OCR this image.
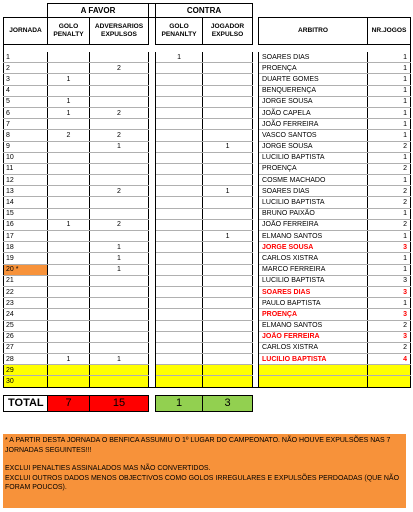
	A FAVOR			CONTRA				
JORNADA	GOLO PENALTY	ADVERSARIOS EXPULSOS		GOLO PENANLTY	JOGADOR EXPULSO		ARBITRO	NR.JOGOS

1				1			SOARES DIAS	1
2		2					PROENÇA	1
3	1						DUARTE GOMES	1
4							BENQUERENÇA	1
5	1						JORGE SOUSA	1
6	1	2					JOÃO CAPELA	1
7							JOÃO FERREIRA	1
8	2	2					VASCO SANTOS	1
9		1			1		JORGE SOUSA	2
10							LUCILIO BAPTISTA	1
11							PROENÇA	2
12							COSME MACHADO	1
13		2			1		SOARES DIAS	2
14							LUCILIO BAPTISTA	2
15							BRUNO PAIXÃO	1
16	1	2					JOÃO FERREIRA	2
17					1		ELMANO SANTOS	1
18		1					JORGE SOUSA	3
19		1					CARLOS XISTRA	1
20 *		1					MARCO FERREIRA	1
21							LUCILIO BAPTISTA	3
22							SOARES DIAS	3
23							PAULO BAPTISTA	1
24							PROENÇA	3
25							ELMANO SANTOS	2
26							JOÃO FERREIRA	3
27							CARLOS XISTRA	2
28	1	1					LUCILIO BAPTISTA	4
29								
30								

TOTAL	7	15		1	3			

* A PARTIR DESTA JORNADA O BENFICA ASSUMIU O 1º LUGAR DO CAMPEONATO. NÃO HOUVE EXPULSÕES NAS 7 JORNADAS SEGUINTES!!!

EXCLUI PENALTIES ASSINALADOS MAS NÃO CONVERTIDOS.

EXCLUI OUTROS DADOS MENOS OBJECTIVOS COMO GOLOS IRREGULARES E EXPULSÕES PERDOADAS (QUE NÃO FORAM POUCOS).
